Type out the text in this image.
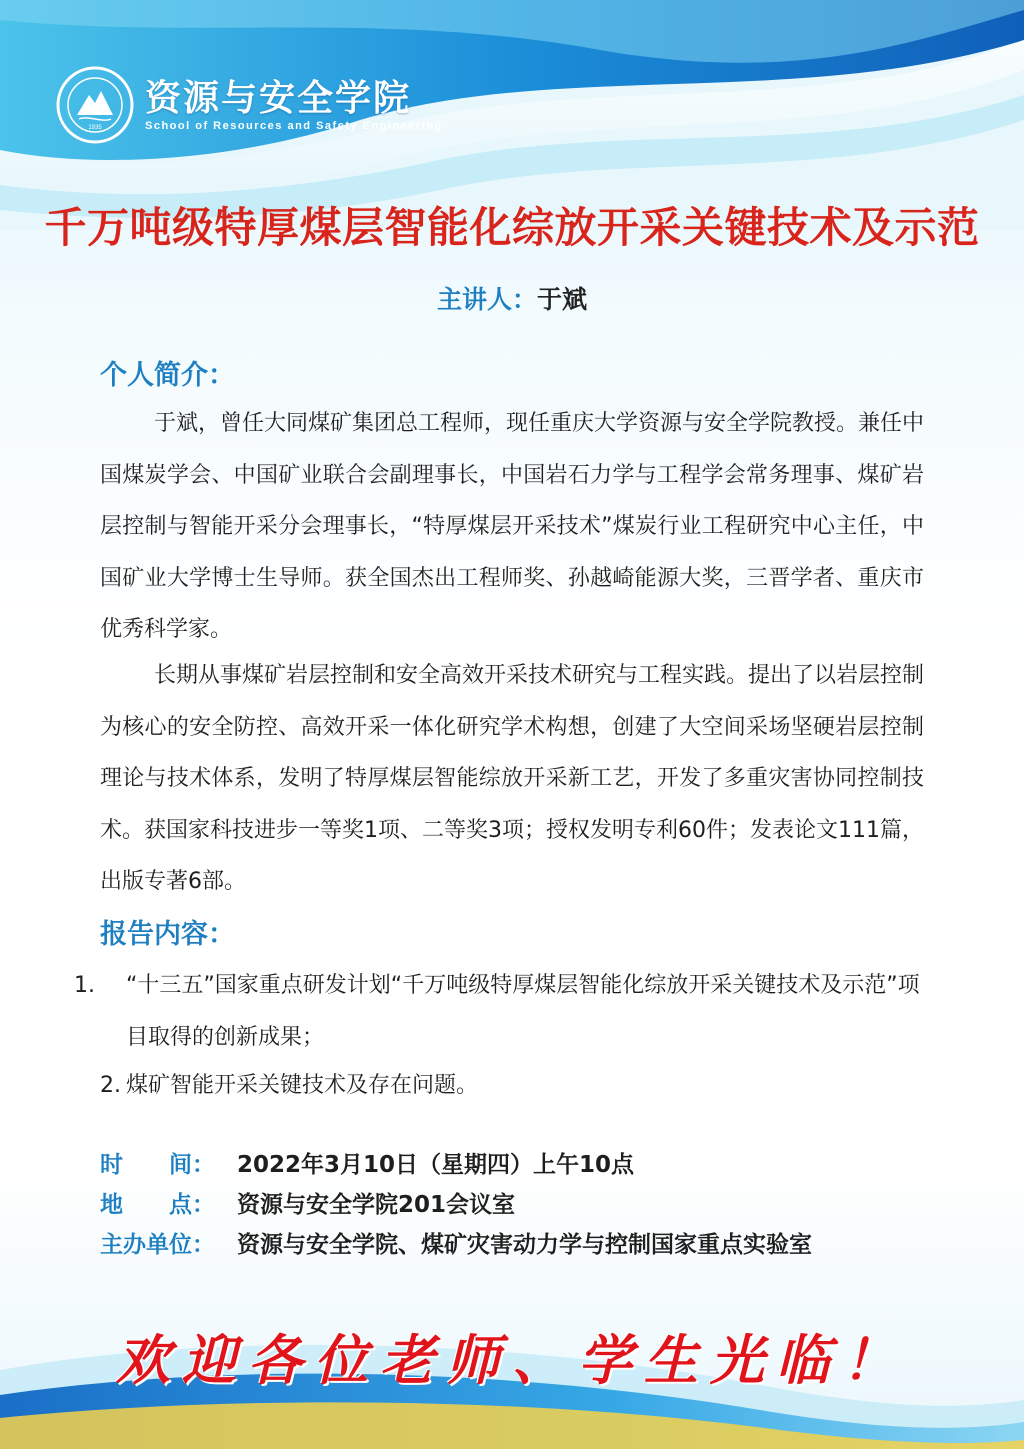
1935
资源与安全学院
School of Resources and Safety Engineering
千万吨级特厚煤层智能化综放开采关键技术及示范
主讲人：于斌
个人简介：

于斌，曾任大同煤矿集团总工程师，现任重庆大学资源与安全学院教授。兼任中国煤炭学会、中国矿业联合会副理事长，中国岩石力学与工程学会常务理事、煤矿岩层控制与智能开采分会理事长，“特厚煤层开采技术”煤炭行业工程研究中心主任，中国矿业大学博士生导师。获全国杰出工程师奖、孙越崎能源大奖，三晋学者、重庆市优秀科学家。

长期从事煤矿岩层控制和安全高效开采技术研究与工程实践。提出了以岩层控制为核心的安全防控、高效开采一体化研究学术构想，创建了大空间采场坚硬岩层控制理论与技术体系，发明了特厚煤层智能综放开采新工艺，开发了多重灾害协同控制技术。获国家科技进步一等奖1项、二等奖3项；授权发明专利60件；发表论文111篇，出版专著6部。

报告内容：
1. “十三五”国家重点研发计划“千万吨级特厚煤层智能化综放开采关键技术及示范”项目取得的创新成果；
2. 煤矿智能开采关键技术及存在问题。
时　　间： 2022年3月10日（星期四）上午10点
地　　点： 资源与安全学院201会议室
主办单位： 资源与安全学院、煤矿灾害动力学与控制国家重点实验室
欢迎各位老师、学生光临！
